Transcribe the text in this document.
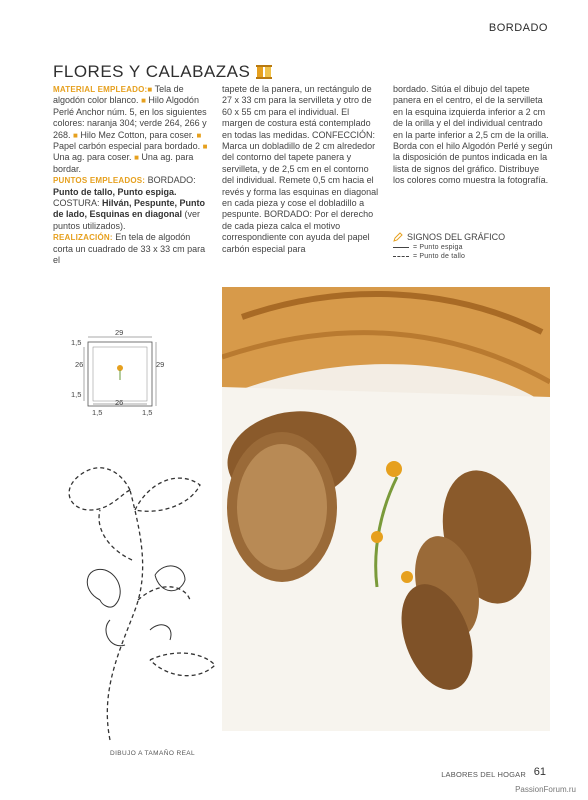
BORDADO
FLORES Y CALABAZAS

MATERIAL EMPLEADO:■ Tela de algodón color blanco. ■ Hilo Algodón Perlé Anchor núm. 5, en los siguientes colores: naranja 304; verde 264, 266 y 268. ■ Hilo Mez Cotton, para coser. ■ Papel carbón especial para bordado. ■ Una ag. para coser. ■ Una ag. para bordar.

PUNTOS EMPLEADOS: BORDADO: Punto de tallo, Punto espiga. COSTURA: Hilván, Pespunte, Punto de lado, Esquinas en diagonal (ver puntos utilizados).

REALIZACIÓN: En tela de algodón corta un cuadrado de 33 x 33 cm para el

tapete de la panera, un rectángulo de 27 x 33 cm para la servilleta y otro de 60 x 55 cm para el individual. El margen de costura está contemplado en todas las medidas. CONFECCIÓN: Marca un dobladillo de 2 cm alrededor del contorno del tapete panera y servilleta, y de 2,5 cm en el contorno del individual. Remete 0,5 cm hacia el revés y forma las esquinas en diagonal en cada pieza y cose el dobladillo a pespunte. BORDADO: Por el derecho de cada pieza calca el motivo correspondiente con ayuda del papel carbón especial para
bordado. Sitúa el dibujo del tapete panera en el centro, el de la servilleta en la esquina izquierda inferior a 2 cm de la orilla y el del individual centrado en la parte inferior a 2,5 cm de la orilla. Borda con el hilo Algodón Perlé y según la disposición de puntos indicada en la lista de signos del gráfico. Distribuye los colores como muestra la fotografía.
SIGNOS DEL GRÁFICO
= Punto espiga
= Punto de tallo
29
29
26
1,5
1,5
26
1,5	1,5
DIBUJO A TAMAÑO REAL
LABORES DEL HOGAR 61
PassionForum.ru
